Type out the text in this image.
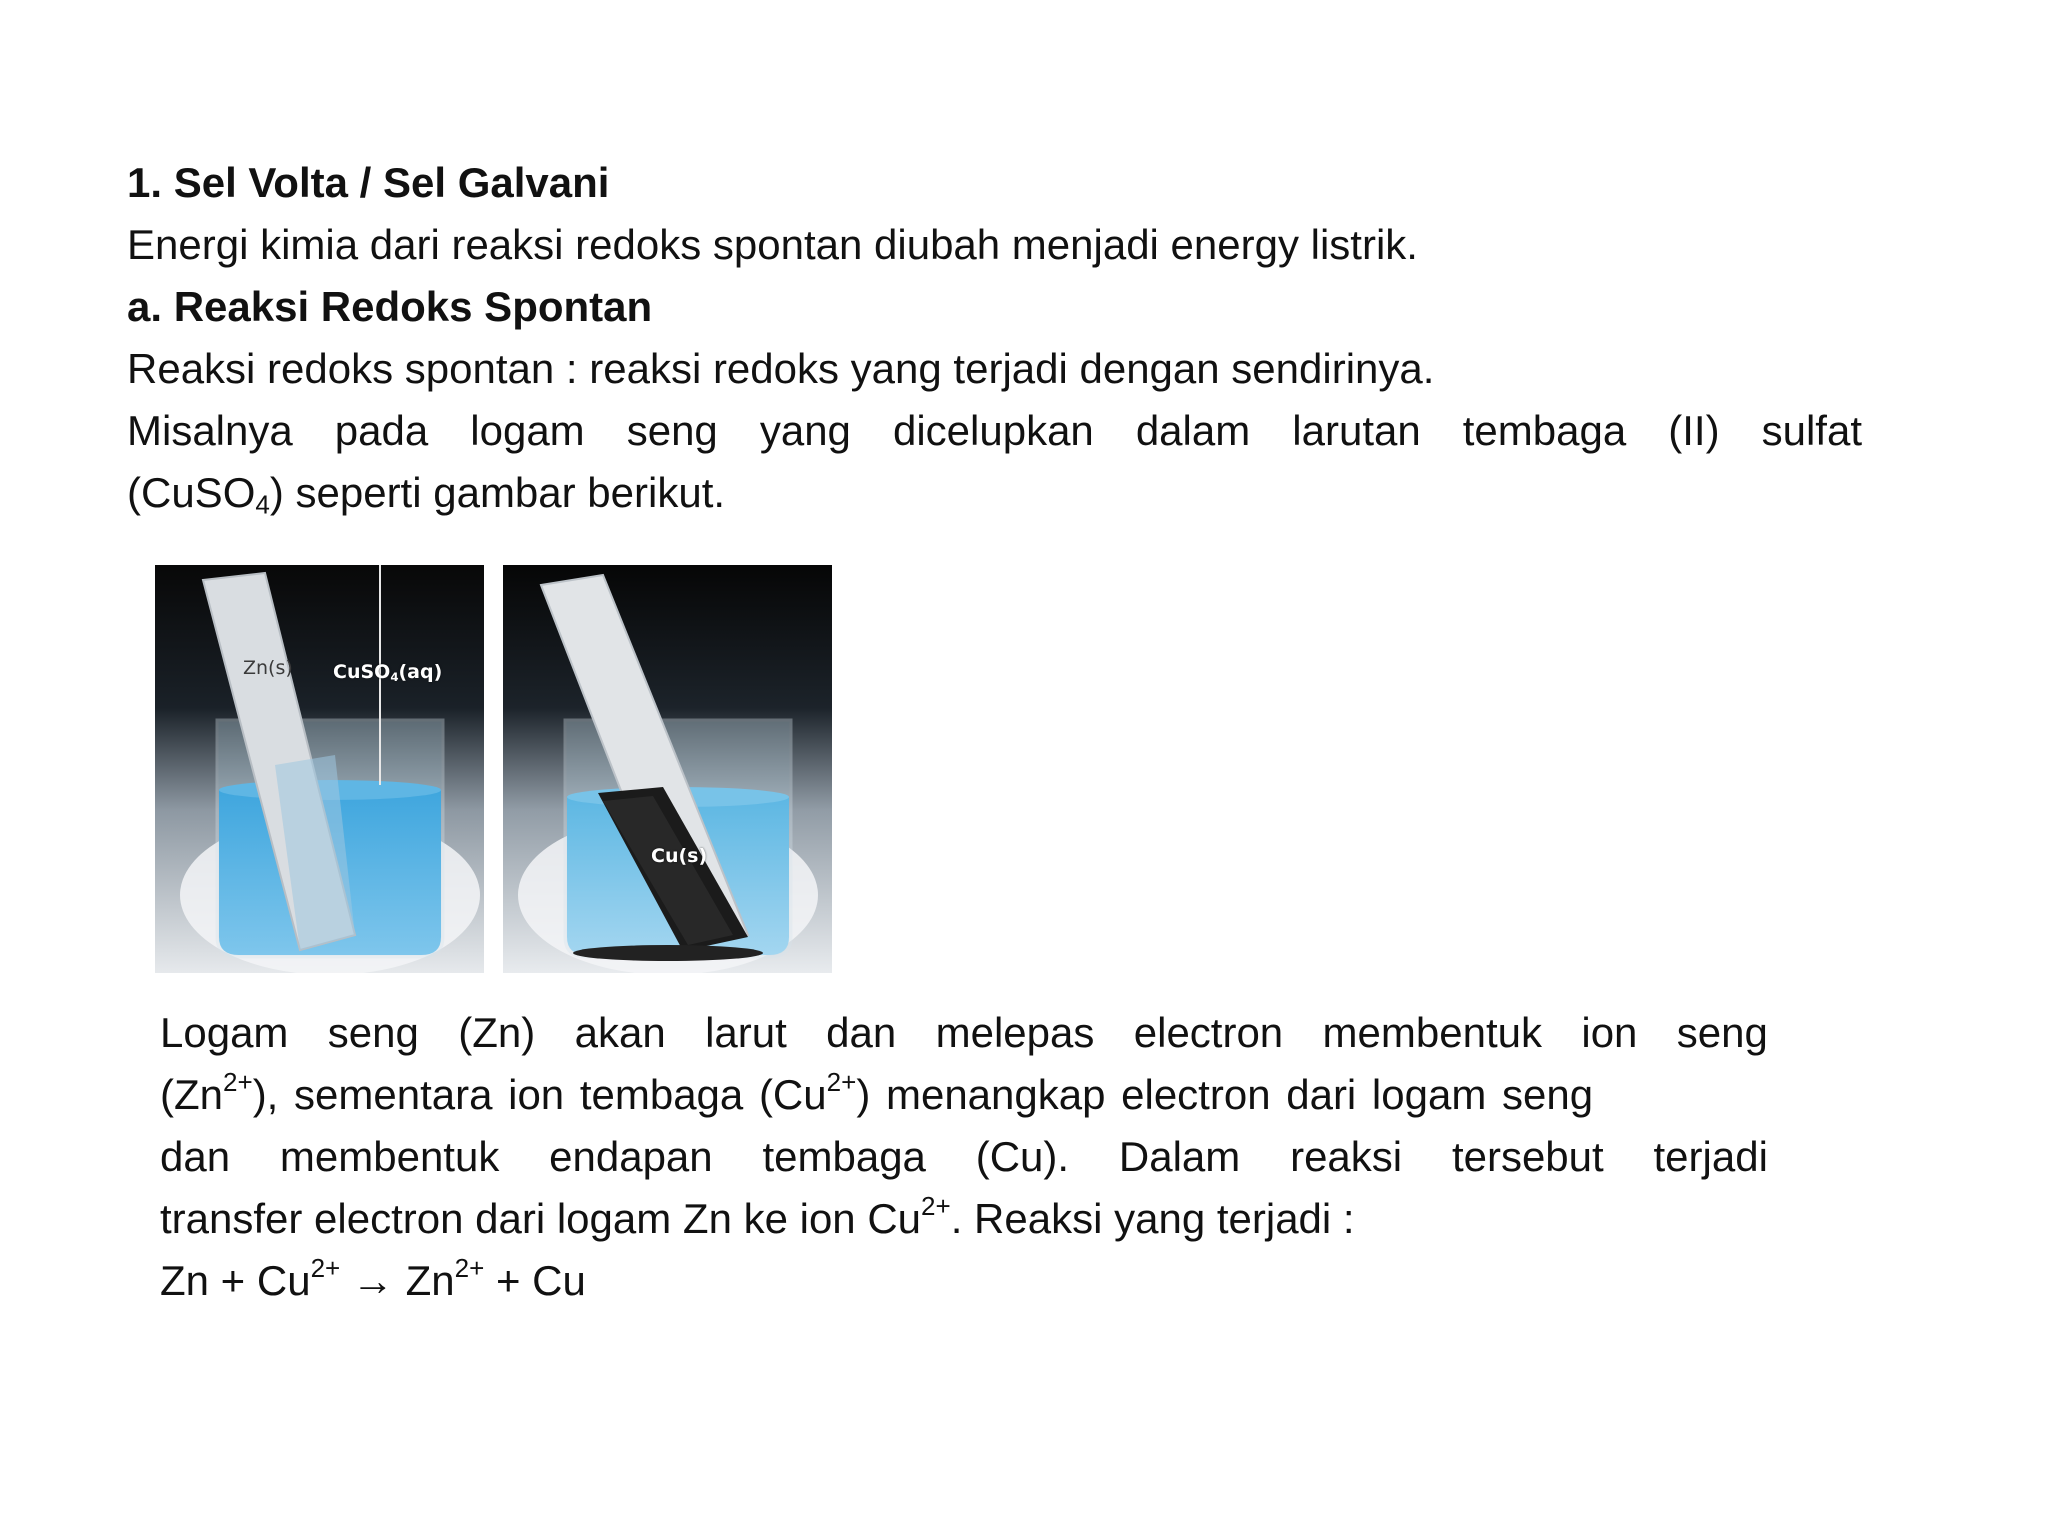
1. Sel Volta / Sel Galvani
Energi kimia dari reaksi redoks spontan diubah menjadi energy listrik.
a. Reaksi Redoks Spontan
Reaksi redoks spontan : reaksi redoks yang terjadi dengan sendirinya.
Misalnya pada logam seng yang dicelupkan dalam larutan tembaga (II) sulfat
(CuSO$_4$) seperti gambar berikut.
Zn(s) CuSO$_4$(aq)
Cu(s)
Logam seng (Zn) akan larut dan melepas electron membentuk ion seng
$(Zn^{2+})$, sementara ion tembaga $(Cu^{2+})$ menangkap electron dari logam seng
dan membentuk endapan tembaga (Cu). Dalam reaksi tersebut terjadi
transfer electron dari logam Zn ke ion $Cu^{2+}$. Reaksi yang terjadi :
$Zn + Cu^{2+} \to Zn^{2+} + Cu$
